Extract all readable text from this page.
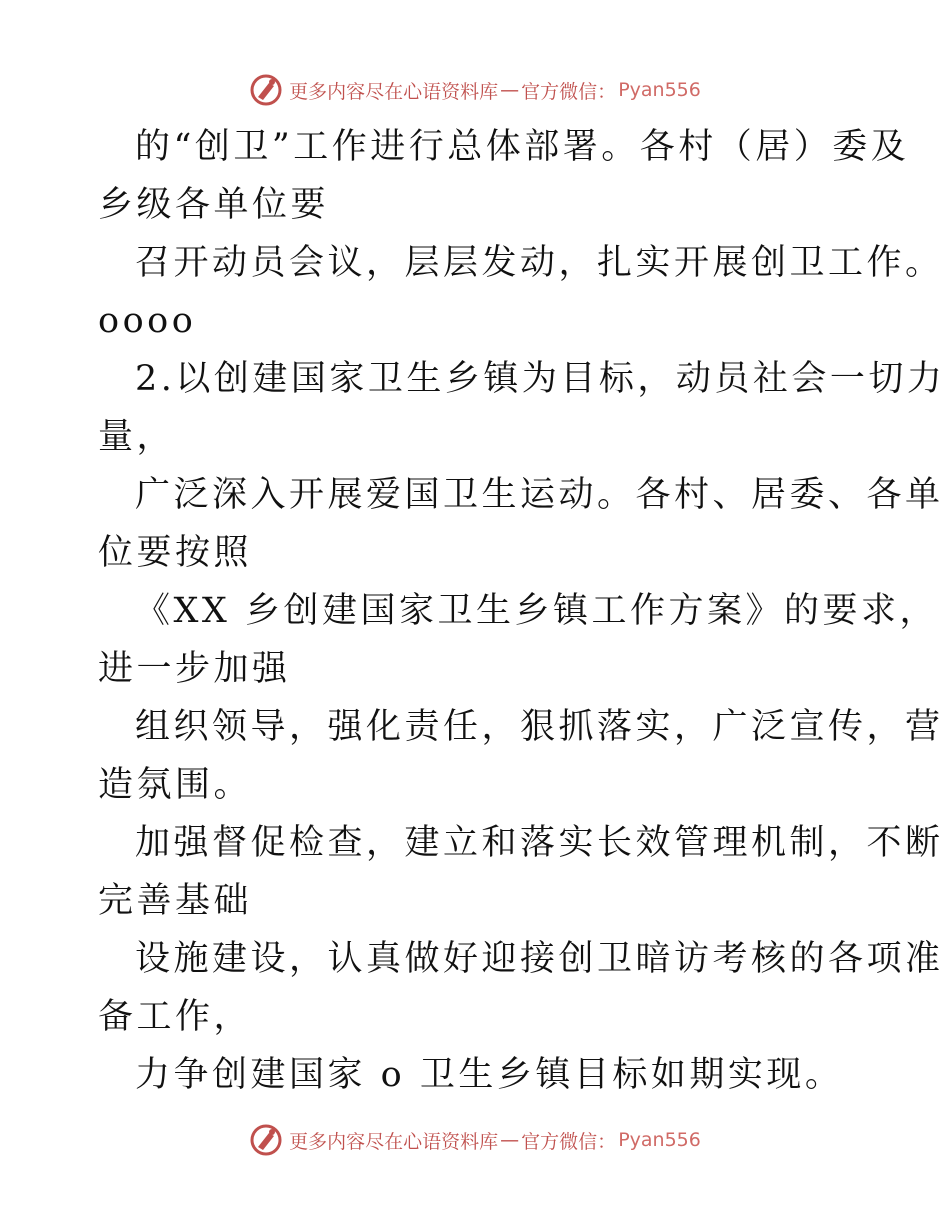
更多内容尽在心语资料库 — 官方微信： Pyan556
的“创卫”工作进行总体部署。各村（居）委及
乡级各单位要
召开动员会议，层层发动，扎实开展创卫工作。
oooo
2.以创建国家卫生乡镇为目标，动员社会一切力
量，
广泛深入开展爱国卫生运动。各村、居委、各单
位要按照
《XX 乡创建国家卫生乡镇工作方案》的要求，
进一步加强
组织领导，强化责任，狠抓落实，广泛宣传，营
造氛围。
加强督促检查，建立和落实长效管理机制，不断
完善基础
设施建设，认真做好迎接创卫暗访考核的各项准
备工作，
力争创建国家 o 卫生乡镇目标如期实现。
更多内容尽在心语资料库 — 官方微信： Pyan556
